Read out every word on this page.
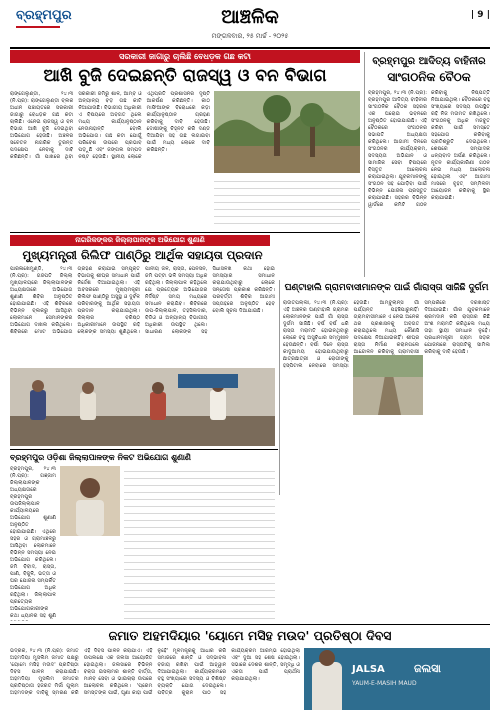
ବ୍ରହ୍ମପୁର	ଆଞ୍ଚଳିକ
ମଙ୍ଗଳବାର, ୨୫ ମାର୍ଚ୍ଚ - ୨୦୨୫
| 9 |
ସରକାରୀ ଜାଗାରୁ ଚାଲିଛି ବେଧଡ଼କ ଗଛ କଟା
ଆଖି ବୁଜି ଦେଇଛନ୍ତି ରାଜସ୍ୱ ଓ ବନ ବିଭାଗ
ରାଙ୍ଗେଲୁଣ୍ଡା, ୨୪।୩ (ନି.ପ୍ର): ରାଙ୍ଗେଲୁଣ୍ଡା ବ୍ଲକ ଅଧୀନ ପଞ୍ଚାୟତରେ ସରକାରୀ ଜାଗାରୁ ବେଧଡ଼କ ଗଛ କଟା ଚାଲିଛି। ଏନେଇ ରାଜସ୍ୱ ଓ ବନ ବିଭାଗ ଆଖି ବୁଜି ଦେଇଥିବା ଅଭିଯୋଗ ହେଉଛି। ଅଞ୍ଚଳର ସଚେତନ ନାଗରିକ ତୁରନ୍ତ ପଦକ୍ଷେପ ନେବାକୁ ଦାବି କରିଛନ୍ତି। ଗାଁ ପାଖରେ ଥିବା ସରକାରୀ ଜମିରୁ ଶାଳ, ଆମ୍ବ ଓ ଅନ୍ୟାନ୍ୟ ବଡ଼ ଗଛ କାଟି ନିଆଯାଉଛି। ବିଭାଗୀୟ ଅଧିକାରୀ ଏ ବିଷୟରେ ଅବଗତ ଥିଲେ ମଧ୍ୟ କାର୍ଯ୍ୟାନୁଷ୍ଠାନ ନେଉନାହାନ୍ତି ବୋଲି ଅଭିଯୋଗ। ଗଛ କଟା ଯୋଗୁଁ ପରିବେଶ ଉପରେ ପ୍ରଭାବ ପଡ଼ୁଛି ଏବଂ ଜଙ୍ଗଲ ସମ୍ପଦ ନଷ୍ଟ ହେଉଛି। ସ୍ଥାନୀୟ ଲୋକେ ଏଥିପ୍ରତି ପ୍ରଶାସନର ଦୃଷ୍ଟି ଆକର୍ଷଣ କରିଛନ୍ତି। କାଠ ମାଫିଆଙ୍କ ବିରୋଧରେ କଡ଼ା କାର୍ଯ୍ୟାନୁଷ୍ଠାନ ଗ୍ରହଣ କରିବାକୁ ଦାବି ହେଉଛି। ଦୋଷୀଙ୍କୁ ଚିହ୍ନଟ କରି ଦଣ୍ଡ ଦିଆଯିବା ସହ ଗଛ ଲଗାଇବା ପାଇଁ ମଧ୍ୟ ଲୋକେ ଦାବି କରିଛନ୍ତି।
ବ୍ରହ୍ମପୁର ଆଦିତ୍ୟ ବାହିନୀର
ସାଂଗଠନିକ ବୈଠକ
ବ୍ରହ୍ମପୁର, ୨୪।୩ (ନି.ପ୍ର): ବ୍ରହ୍ମପୁର ଆଦିତ୍ୟ ବାହିନୀର ସାଂଗଠନିକ ବୈଠକ ସହରର ଏକ ଘରୋଇ ଭବନରେ ଅନୁଷ୍ଠିତ ହୋଇଯାଇଛି। ଏହି ବୈଠକରେ ସଂଗଠନର ସଭାପତି ଅଧ୍ୟକ୍ଷତା କରିଥିଲେ। ଆଗାମୀ ଦିନରେ ସଂଗଠନର କାର୍ଯ୍ୟକ୍ରମ, ସଦସ୍ୟତା ଅଭିଯାନ ଓ ସାମାଜିକ ସେବା ବିଷୟରେ ବିସ୍ତୃତ ଆଲୋଚନା କରାଯାଇଥିଲା। ଯୁବକମାନଙ୍କୁ ସଂଗଠନ ସହ ଯୋଡ଼ିବା ପାଇଁ ବିଭିନ୍ନ ଯୋଜନା ପ୍ରସ୍ତୁତ କରାଯାଇଛି। ସହରର ବିଭିନ୍ନ ୱାର୍ଡରେ କମିଟି ଗଠନ କରିବାକୁ ନିଷ୍ପତ୍ତି ନିଆଯାଇଥିଲା। ବୈଠକରେ ବହୁ ସଂଖ୍ୟାରେ ସଦସ୍ୟ ଉପସ୍ଥିତ ରହି ନିଜ ମତାମତ ରଖିଥିଲେ। ସଂଗଠନକୁ ଅଧିକ ମଜବୁତ କରିବା ପାଇଁ ସମସ୍ତେ ସହଯୋଗ କରିବାକୁ ପ୍ରତିଶ୍ରୁତି ଦେଇଥିଲେ। ଶେଷରେ ସମ୍ପାଦକ ଧନ୍ୟବାଦ ଅର୍ପଣ କରିଥିଲେ। ନୂତନ କାର୍ଯ୍ୟକାରିଣୀ ଗଠନ ନେଇ ମଧ୍ୟ ଆଲୋଚନା ହୋଇଥିଲା ଏବଂ ଆଗାମୀ ମାସରେ ବୃହତ୍ ସମ୍ମିଳନୀ ଆୟୋଜନ କରିବାକୁ ସ୍ଥିର କରାଯାଇଛି।
ନାଗରିକଙ୍କର ଜିଲ୍ଲାପାଳଙ୍କ ଅଭିଯୋଗ ଶୁଣାଣି
ମୁଖ୍ୟମନ୍ତ୍ରୀ ରିଲିଫ ପାଣ୍ଠିରୁ ଆର୍ଥିକ ସହାୟତା ପ୍ରଦାନ
ପାରଳାଖେମୁଣ୍ଡି, ୨୪।୩ (ନି.ପ୍ର): ଗଜପତି ଜିଲ୍ଲା ମୁଖ୍ୟାଳୟରେ ଜିଲ୍ଲାପାଳଙ୍କ ଅଧ୍ୟକ୍ଷତାରେ ଅଭିଯୋଗ ଶୁଣାଣି ଶିବିର ଅନୁଷ୍ଠିତ ହୋଇଯାଇଛି। ଏହି ଶିବିରରେ ବିଭିନ୍ନ ବ୍ଲକରୁ ଆସିଥିବା ଲୋକମାନେ ସେମାନଙ୍କର ଅଭିଯୋଗ ଦାଖଲ କରିଥିଲେ। ଶିବିରରେ ମୋଟ ଅଭିଯୋଗ ଗ୍ରହଣ କରାଯାଇ ସମ୍ପୃକ୍ତ ବିଭାଗକୁ ଶୀଘ୍ର ସମାଧାନ ପାଇଁ ନିର୍ଦ୍ଦେଶ ଦିଆଯାଇଥିଲା। ଏହି ଅବସରରେ ମୁଖ୍ୟମନ୍ତ୍ରୀ ରିଲିଫ ପାଣ୍ଠିରୁ ଅସୁସ୍ଥ ଓ ଦୁର୍ବଳ ପରିବାରଙ୍କୁ ଆର୍ଥିକ ସହାୟତା ପ୍ରଦାନ କରାଯାଇଥିଲା। ଜିଲ୍ଲାର ବରିଷ୍ଠ ଅଧିକାରୀମାନେ ଉପସ୍ଥିତ ରହି ଲୋକଙ୍କ ସମସ୍ୟା ଶୁଣିଥିଲେ। ପାନୀୟ ଜଳ, ରାସ୍ତା, ପେନସନ, ଜମି ପଟ୍ଟା ଭଳି ସମସ୍ୟା ଅଧିକ ରହିଥିଲା। ଜିଲ୍ଲାପାଳ କହିଥିଲେ ଯେ ପ୍ରତ୍ୟେକ ଅଭିଯୋଗର ନିର୍ଦ୍ଦିଷ୍ଟ ସମୟ ମଧ୍ୟରେ ସମାଧାନ କରାଯିବ। ଶିବିରରେ ଉପ-ଜିଲ୍ଲାପାଳ, ତହସିଲଦାର, ବିଡିଓ ଓ ଅନ୍ୟାନ୍ୟ ବିଭାଗୀୟ ଅଧିକାରୀ ଉପସ୍ଥିତ ଥିଲେ। ସାଧାରଣ ଲୋକଙ୍କ ସହ ସିଧାସଳଖ କଥା ହୋଇ ସମସ୍ୟାର ସମାଧାନ କରାଯାଉଥିବାରୁ ଲୋକେ ସନ୍ତୋଷ ପ୍ରକାଶ କରିଛନ୍ତି। ପରବର୍ତ୍ତୀ ଶିବିର ଆଗାମୀ ସପ୍ତାହରେ ଅନୁଷ୍ଠିତ ହେବ ବୋଲି ସୂଚନା ଦିଆଯାଇଛି।
ଘଣ୍ଟାହାଲି ଗ୍ରାମବାସୀମାନଙ୍କ ପାଇଁ ଗାଁରାସ୍ତା ସାଜିଛି ଦୁର୍ଗମ
ରାଉତପଲ୍ଲୀ, ୨୪।୩ (ନି.ପ୍ର): ଏହି ଅଞ୍ଚଳର ଘଣ୍ଟାହାଲି ଗ୍ରାମର ଲୋକମାନଙ୍କ ପାଇଁ ଗାଁ ରାସ୍ତା ଦୁର୍ଗମ ସାଜିଛି। ବର୍ଷ ବର୍ଷ ଧରି ରାସ୍ତା ମରାମତି ହୋଇନଥିବାରୁ ଲୋକେ ବହୁ ଅସୁବିଧାର ସମ୍ମୁଖୀନ ହେଉଛନ୍ତି। ବର୍ଷା ଦିନେ ରାସ୍ତା କାଦୁଆମୟ ହୋଇଯାଉଥିବାରୁ ଛାତ୍ରଛାତ୍ରୀ ଓ ରୋଗୀଙ୍କୁ ହସ୍ପିଟାଲ ନେବାରେ ସମସ୍ୟା ହେଉଛି। ଆମ୍ବୁଲାନ୍ସ ଗାଁ ପର୍ଯ୍ୟନ୍ତ ପହଞ୍ଚିପାରୁନାହିଁ। ଗ୍ରାମବାସୀମାନେ ଏ ନେଇ ଅନେକ ଥର ପ୍ରଶାସନକୁ ଅବଗତ କରାଇଥିଲେ ମଧ୍ୟ କୌଣସି ପଦକ୍ଷେପ ନିଆଯାଇନାହିଁ। ଶୀଘ୍ର ରାସ୍ତା ନିର୍ମାଣ କରାନଗଲେ ଆନ୍ଦୋଳନ କରିବାକୁ ଗ୍ରାମବାସୀ ସମ୍ପର୍କରେ ଦରଖାସ୍ତ ଦିଆଯାଇଛି। ଗାଁର ଯୁବକମାନେ ଶ୍ରମଦାନ କରି ରାସ୍ତାର କିଛି ଅଂଶ ମରାମତି କରିଥିଲେ ମଧ୍ୟ ତାହା ସ୍ଥାୟୀ ସମାଧାନ ନୁହେଁ। ପ୍ରଧାନମନ୍ତ୍ରୀ ଗ୍ରାମ ସଡ଼କ ଯୋଜନାରେ ରାସ୍ତାଟିକୁ ସାମିଲ କରିବାକୁ ଦାବି ହେଉଛି।
ବ୍ରହ୍ମପୁର ଓଡ଼ିଶା ଜିଲ୍ଲାପାଳଙ୍କ ନିକଟ ଅଭିଯୋଗ ଶୁଣାଣି
ବ୍ରହ୍ମପୁର, ୨୪।୩ (ନି.ପ୍ର): ଗଞ୍ଜାମ ଜିଲ୍ଲାପାଳଙ୍କ ଅଧ୍ୟକ୍ଷତାରେ ବ୍ରହ୍ମପୁର ଉପଜିଲ୍ଲାପାଳ କାର୍ଯ୍ୟାଳୟରେ ଅଭିଯୋଗ ଶୁଣାଣି ଅନୁଷ୍ଠିତ ହୋଇଯାଇଛି। ଏଥିରେ ସହର ଓ ଗ୍ରାମାଞ୍ଚଳରୁ ଆସିଥିବା ଲୋକମାନେ ବିଭିନ୍ନ ସମସ୍ୟା ନେଇ ଅଭିଯୋଗ କରିଥିଲେ। ଜମି ବିବାଦ, ରାସ୍ତା, ପାଣି, ବିଜୁଳି, ଭତ୍ତା ଓ ଘର ଯୋଜନା ସମ୍ପର୍କିତ ଅଭିଯୋଗ ଅଧିକ ରହିଥିଲା। ଜିଲ୍ଲାପାଳ ପ୍ରତ୍ୟେକ ଅଭିଯୋଗକାରୀଙ୍କ କଥା ଧ୍ୟାନର ସହ ଶୁଣି
ଜମାତ ଅହମଦିୟାର 'ୟୋମେ ମସିହ ମଉଦ' ପ୍ରତିଷ୍ଠା ଦିବସ
ଭଦ୍ରକ, ୨୪।୩ (ନି.ପ୍ର): ଜମାତ ଅହମଦିୟା ମୁସଲିମ ଜମାତ ପକ୍ଷରୁ 'ୟୋମେ ମସିହ ମଉଦ' ପ୍ରତିଷ୍ଠା ଦିବସ ପାଳନ କରାଯାଇଛି। ଅହମଦିୟା ମୁସଲିମ ଜମାତର ପ୍ରତିଷ୍ଠାତା ହଜରତ ମିର୍ଜା ଗୁଲାମ ଅହମଦଙ୍କ ଦାବିକୁ ସ୍ମରଣ କରି ଏହି ଦିବସ ପାଳନ କରାଯାଏ। ଏହି ଉପଲକ୍ଷେ ଏକ ଜଲସା ଆୟୋଜିତ ହୋଇଥିଲା। ଜଲସାରେ ବିଭିନ୍ନ ବକ୍ତା ଇସଲାମର ଶାନ୍ତି ବାର୍ତ୍ତା, ମାନବ ସେବା ଓ ଭାଇଚାରା ଉପରେ ଆଲୋଚନା କରିଥିଲେ। 'ପ୍ରେମ ସମସ୍ତଙ୍କ ପାଇଁ, ଘୃଣା କାହା ପାଇଁ ନୁହେଁ' ମୂଳମନ୍ତ୍ରକୁ ଆଧାର କରି ସମାଜରେ ଶାନ୍ତି ଓ ସଦ୍ଭାବନା ବଜାୟ ରଖିବା ପାଇଁ ଆହ୍ୱାନ ଦିଆଯାଇଥିଲା। କାର୍ଯ୍ୟକ୍ରମରେ ବହୁ ସଂଖ୍ୟାରେ ସଦସ୍ୟ ଓ ବିଶିଷ୍ଟ ବ୍ୟକ୍ତି ଯୋଗ ଦେଇଥିଲେ। ପବିତ୍ର କୁରାନ ପାଠ ସହ କାର୍ଯ୍ୟକ୍ରମ ଆରମ୍ଭ ହୋଇଥିଲା ଏବଂ ଦୁଆ ସହ ଶେଷ ହୋଇଥିଲା। ସଭାରେ ଦେଶର ଶାନ୍ତି, ସମୃଦ୍ଧି ଓ ଏକତା ପାଇଁ ପ୍ରାର୍ଥନା କରାଯାଇଥିଲା।
JALSA	ଜଲସା
YAUM-E-MASIH MAUD
